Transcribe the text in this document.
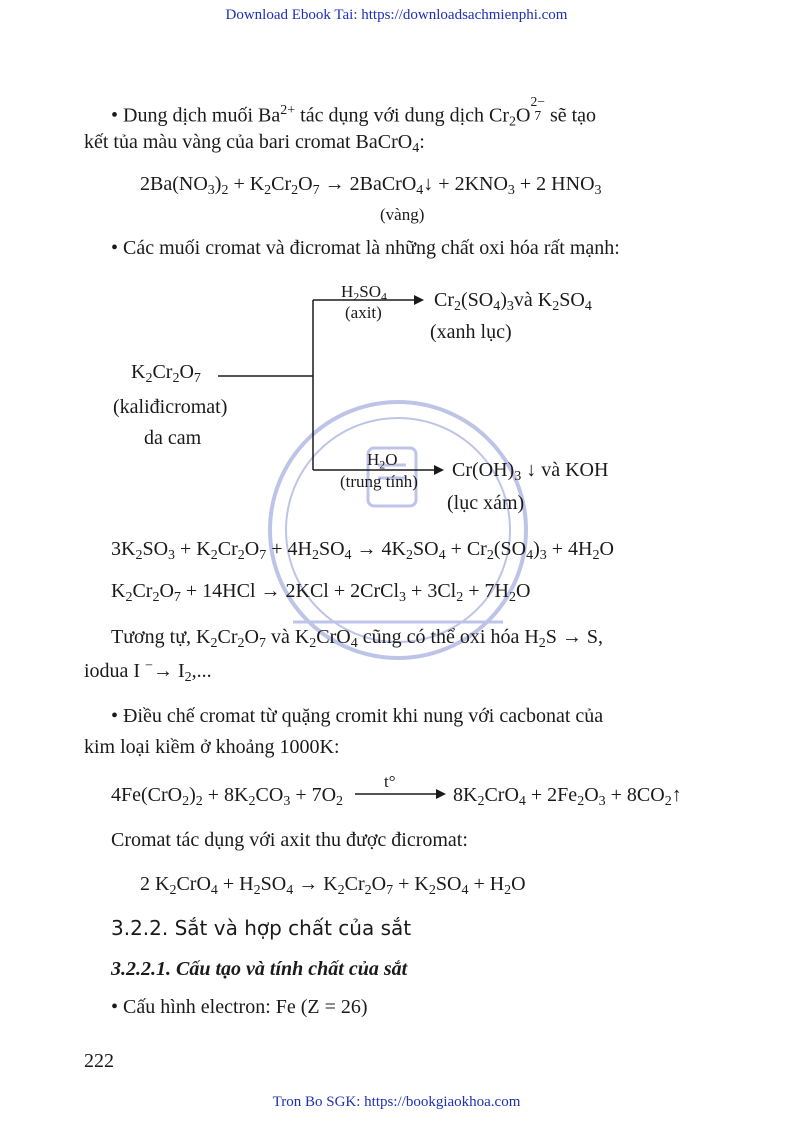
Download Ebook Tai: https://downloadsachmienphi.com
Tron Bo SGK: https://bookgiaokhoa.com
• Dung dịch muối $Ba^{2+}$ tác dụng với dung dịch $Cr_2O$
2−
7 sẽ tạo
kết tủa màu vàng của bari cromat BaCrO$_4$:
$2Ba(NO_3)_2 + K_2Cr_2O_7$ → 2BaCrO$_4$↓ + $2KNO_3 + 2$ $HNO_3$
(vàng)
• Các muối cromat và đicromat là những chất oxi hóa rất mạnh:
$K_2Cr_2O_7$
(kaliđicromat)
da cam
$H_2SO_4$
(axit)
$Cr_2(SO_4)_3và$ $K_2SO_4$
(xanh lục)
$H_2O$
(trung tính)
$Cr(OH)_3$ ↓ và KOH
(lục xám)
$3K_2SO_3 + K_2Cr_2O_7 + 4H_2SO_4 \to 4K_2SO_4 + Cr_2(SO_4)_3 + 4H_2O$
$K_2Cr_2O_7 + 14HCl \to 2KCl$ + 2CrCl$_3$ + $3Cl_2 + 7H_2O$
Tương tự, $K_2Cr_2O_7$ và $K_2CrO_4$ cũng có thể oxi hóa $H_2S \to S$,
iodua I $^-\to I_2$,...
• Điều chế cromat từ quặng cromit khi nung với cacbonat của
kim loại kiềm ở khoảng 1000K:
$4Fe(CrO_2)_2 + 8K_2CO_3 + 7O_2$
t°
$8K_2CrO_4 + 2Fe_2O_3$ + $8CO_2↑$
Cromat tác dụng với axit thu được đicromat:
2 $K_2CrO_4 + H_2SO_4 \to K_2Cr_2O_7 + K_2SO_4 + H_2O$
3.2.2. Sắt và hợp chất của sắt
3.2.2.1. Cấu tạo và tính chất của sắt
• Cấu hình electron: Fe (Z = 26)
222
